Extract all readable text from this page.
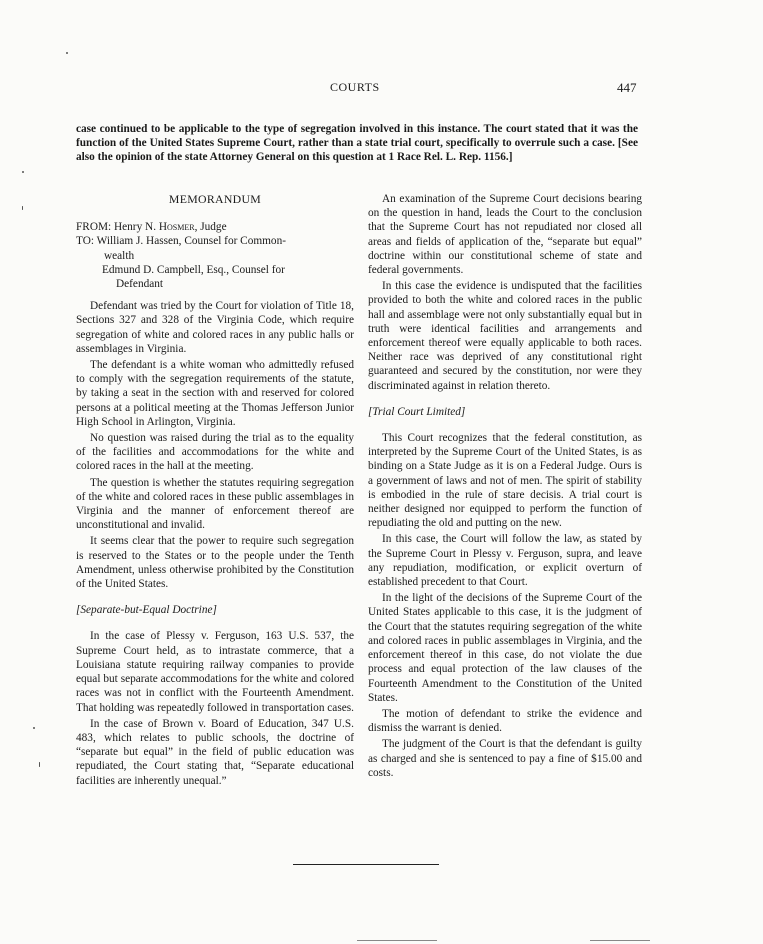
COURTS	447
case continued to be applicable to the type of segregation involved in this instance. The court stated that it was the function of the United States Supreme Court, rather than a state trial court, specifically to overrule such a case. [See also the opinion of the state Attorney General on this question at 1 Race Rel. L. Rep. 1156.]
MEMORANDUM
FROM: Henry N. Hosmer, Judge
TO: William J. Hassen, Counsel for Common-
wealth
Edmund D. Campbell, Esq., Counsel for
Defendant

Defendant was tried by the Court for violation of Title 18, Sections 327 and 328 of the Virginia Code, which require segregation of white and colored races in any public halls or assemblages in Virginia.

The defendant is a white woman who admittedly refused to comply with the segregation requirements of the statute, by taking a seat in the section with and reserved for colored persons at a political meeting at the Thomas Jefferson Junior High School in Arlington, Virginia.

No question was raised during the trial as to the equality of the facilities and accommodations for the white and colored races in the hall at the meeting.

The question is whether the statutes requiring segregation of the white and colored races in these public assemblages in Virginia and the manner of enforcement thereof are unconstitutional and invalid.

It seems clear that the power to require such segregation is reserved to the States or to the people under the Tenth Amendment, unless otherwise prohibited by the Constitution of the United States.

[Separate-but-Equal Doctrine]

In the case of Plessy v. Ferguson, 163 U.S. 537, the Supreme Court held, as to intrastate commerce, that a Louisiana statute requiring railway companies to provide equal but separate accommodations for the white and colored races was not in conflict with the Fourteenth Amendment. That holding was repeatedly followed in transportation cases.

In the case of Brown v. Board of Education, 347 U.S. 483, which relates to public schools, the doctrine of “separate but equal” in the field of public education was repudiated, the Court stating that, “Separate educational facilities are inherently unequal.”

An examination of the Supreme Court decisions bearing on the question in hand, leads the Court to the conclusion that the Supreme Court has not repudiated nor closed all areas and fields of application of the, “separate but equal” doctrine within our constitutional scheme of state and federal governments.

In this case the evidence is undisputed that the facilities provided to both the white and colored races in the public hall and assemblage were not only substantially equal but in truth were identical facilities and arrangements and enforcement thereof were equally applicable to both races. Neither race was deprived of any constitutional right guaranteed and secured by the constitution, nor were they discriminated against in relation thereto.

[Trial Court Limited]

This Court recognizes that the federal constitution, as interpreted by the Supreme Court of the United States, is as binding on a State Judge as it is on a Federal Judge. Ours is a government of laws and not of men. The spirit of stability is embodied in the rule of stare decisis. A trial court is neither designed nor equipped to perform the function of repudiating the old and putting on the new.

In this case, the Court will follow the law, as stated by the Supreme Court in Plessy v. Ferguson, supra, and leave any repudiation, modification, or explicit overturn of established precedent to that Court.

In the light of the decisions of the Supreme Court of the United States applicable to this case, it is the judgment of the Court that the statutes requiring segregation of the white and colored races in public assemblages in Virginia, and the enforcement thereof in this case, do not violate the due process and equal protection of the law clauses of the Fourteenth Amendment to the Constitution of the United States.

The motion of defendant to strike the evidence and dismiss the warrant is denied.

The judgment of the Court is that the defendant is guilty as charged and she is sentenced to pay a fine of $15.00 and costs.
